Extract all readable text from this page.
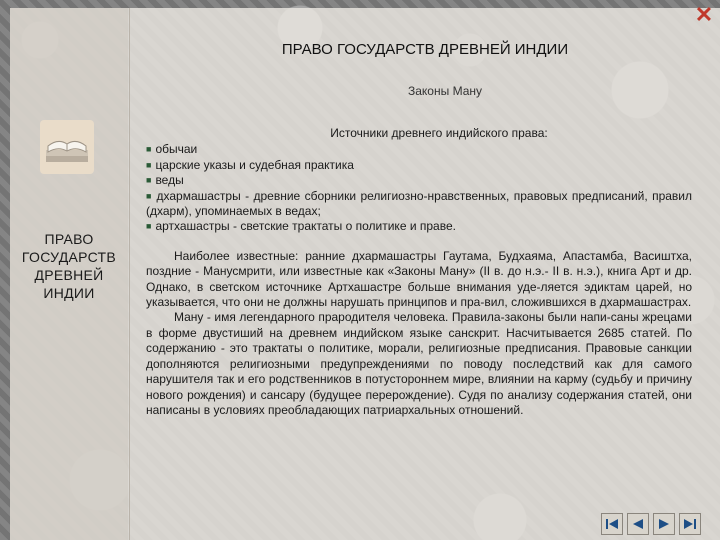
✕
ПРАВО ГОСУДАРСТВ ДРЕВНЕЙ ИНДИИ
Законы Ману
ПРАВО
ГОСУДАРСТВ
ДРЕВНЕЙ
ИНДИИ
Источники древнего индийского права:

■ обычаи

■ царские указы и судебная практика

■ веды

■ дхармашастры - древние сборники религиозно-нравственных, правовых предписаний, правил (дхарм), упоминаемых в ведах;

■ артхашастры - светские трактаты о политике и праве.

Наиболее известные: ранние дхармашастры Гаутама, Будхаяма, Апастамба, Васиштха, поздние - Манусмрити, или известные как «Законы Ману» (II в. до н.э.- II в. н.э.), книга Арт и др. Однако, в светском источнике Артхашастре больше внимания уде-ляется эдиктам царей, но указывается, что они не должны нарушать принципов и пра-вил, сложившихся в дхармашастрах.

Ману - имя легендарного прародителя человека. Правила-законы были напи-саны жрецами в форме двустиший на древнем индийском языке санскрит. Насчитывается 2685 статей. По содержанию - это трактаты о политике, морали, религиозные предписания. Правовые санкции дополняются религиозными предупреждениями по поводу последствий как для самого нарушителя так и его родственников в потустороннем мире, влиянии на карму (судьбу и причину нового рождения) и сансару (будущее перерождение). Судя по анализу содержания статей, они написаны в условиях преобладающих патриархальных отношений.
